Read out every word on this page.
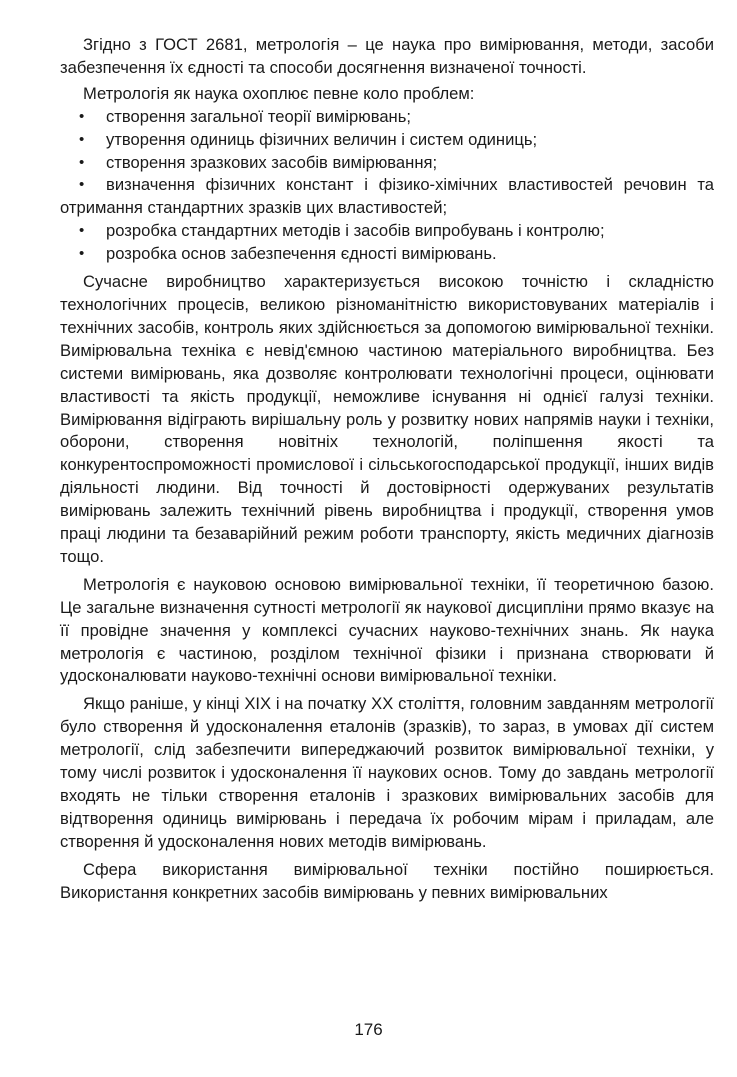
Згідно з ГОСТ 2681, метрологія – це наука про вимірювання, методи, засоби забезпечення їх єдності та способи досягнення визначеної точності.

Метрологія як наука охоплює певне коло проблем:

• створення загальної теорії вимірювань;
• утворення одиниць фізичних величин і систем одиниць;
• створення зразкових засобів вимірювання;
• визначення фізичних констант і фізико-хімічних властивостей речовин та отримання стандартних зразків цих властивостей;
• розробка стандартних методів і засобів випробувань і контролю;
• розробка основ забезпечення єдності вимірювань.

Сучасне виробництво характеризується високою точністю і складністю технологічних процесів, великою різноманітністю використовуваних матеріалів і технічних засобів, контроль яких здійснюється за допомогою вимірювальної техніки. Вимірювальна техніка є невід'ємною частиною матеріального виробництва. Без системи вимірювань, яка дозволяє контролювати технологічні процеси, оцінювати властивості та якість продукції, неможливе існування ні однієї галузі техніки. Вимірювання відіграють вирішальну роль у розвитку нових напрямів науки і техніки, оборони, створення новітніх технологій, поліпшення якості та конкурентоспроможності промислової і сільськогосподарської продукції, інших видів діяльності людини. Від точності й достовірності одержуваних результатів вимірювань залежить технічний рівень виробництва і продукції, створення умов праці людини та безаварійний режим роботи транспорту, якість медичних діагнозів тощо.

Метрологія є науковою основою вимірювальної техніки, її теоретичною базою. Це загальне визначення сутності метрології як наукової дисципліни прямо вказує на її провідне значення у комплексі сучасних науково-технічних знань. Як наука метрологія є частиною, розділом технічної фізики і признана створювати й удосконалювати науково-технічні основи вимірювальної техніки.

Якщо раніше, у кінці XIX і на початку XX століття, головним завданням метрології було створення й удосконалення еталонів (зразків), то зараз, в умовах дії систем метрології, слід забезпечити випереджаючий розвиток вимірювальної техніки, у тому числі розвиток і удосконалення її наукових основ. Тому до завдань метрології входять не тільки створення еталонів і зразкових вимірювальних засобів для відтворення одиниць вимірювань і передача їх робочим мірам і приладам, але створення й удосконалення нових методів вимірювань.

Сфера використання вимірювальної техніки постійно поширюється. Використання конкретних засобів вимірювань у певних вимірювальних

176
